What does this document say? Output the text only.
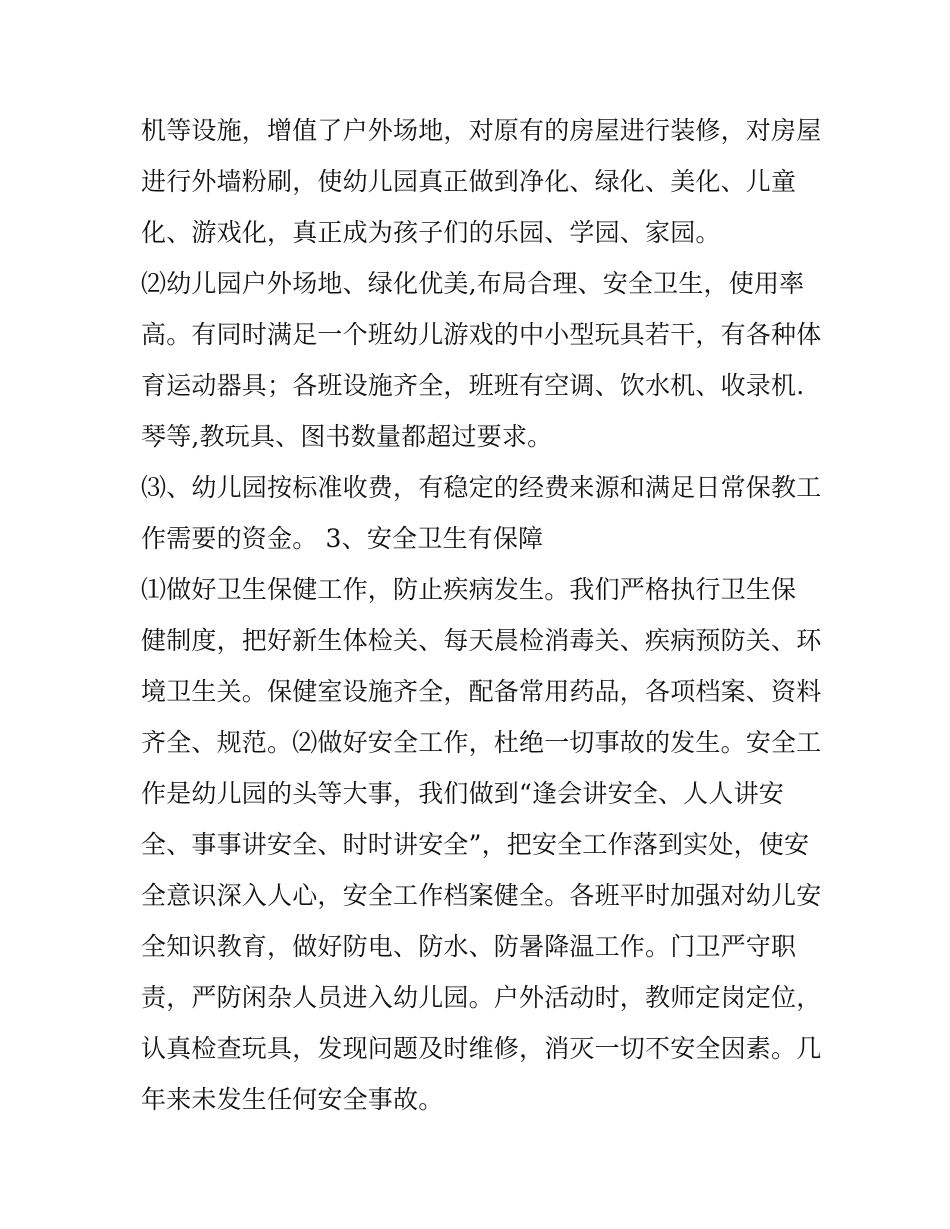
机等设施，增值了户外场地，对原有的房屋进行装修，对房屋
进行外墙粉刷，使幼儿园真正做到净化、绿化、美化、儿童
化、游戏化，真正成为孩子们的乐园、学园、家园。
⑵幼儿园户外场地、绿化优美,布局合理、安全卫生，使用率
高。有同时满足一个班幼儿游戏的中小型玩具若干，有各种体
育运动器具；各班设施齐全，班班有空调、饮水机、收录机.
琴等,教玩具、图书数量都超过要求。
⑶、幼儿园按标准收费，有稳定的经费来源和满足日常保教工
作需要的资金。 3、安全卫生有保障
⑴做好卫生保健工作，防止疾病发生。我们严格执行卫生保
健制度，把好新生体检关、每天晨检消毒关、疾病预防关、环
境卫生关。保健室设施齐全，配备常用药品，各项档案、资料
齐全、规范。⑵做好安全工作，杜绝一切事故的发生。安全工
作是幼儿园的头等大事，我们做到“逢会讲安全、人人讲安
全、事事讲安全、时时讲安全”，把安全工作落到实处，使安
全意识深入人心，安全工作档案健全。各班平时加强对幼儿安
全知识教育，做好防电、防水、防暑降温工作。门卫严守职
责，严防闲杂人员进入幼儿园。户外活动时，教师定岗定位，
认真检查玩具，发现问题及时维修，消灭一切不安全因素。几
年来未发生任何安全事故。
